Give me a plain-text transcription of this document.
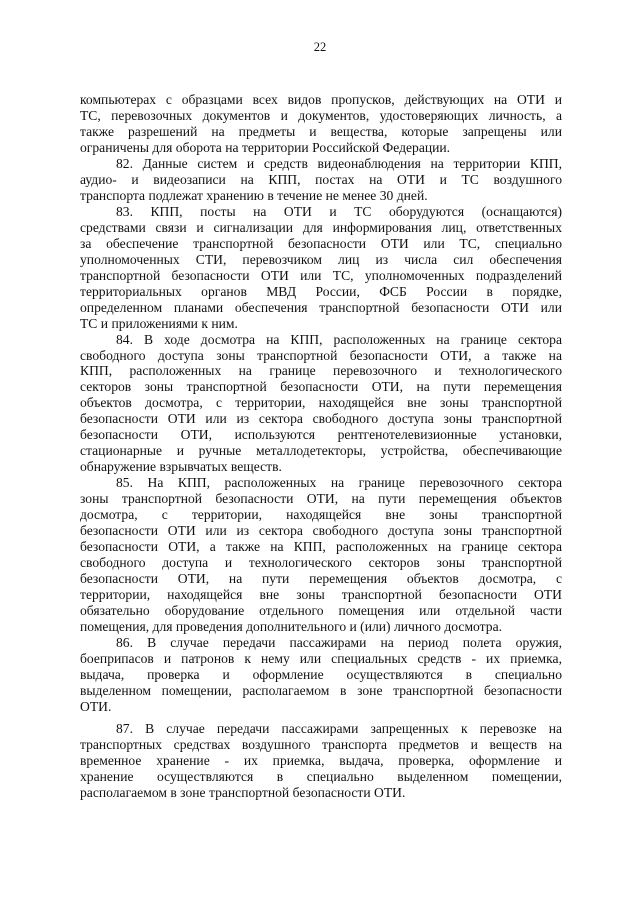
22
компьютерах с образцами всех видов пропусков, действующих на ОТИ и
ТС, перевозочных документов и документов, удостоверяющих личность, а
также разрешений на предметы и вещества, которые запрещены или
ограничены для оборота на территории Российской Федерации.
82. Данные систем и средств видеонаблюдения на территории КПП,
аудио- и видеозаписи на КПП, постах на ОТИ и ТС воздушного
транспорта подлежат хранению в течение не менее 30 дней.
83. КПП, посты на ОТИ и ТС оборудуются (оснащаются)
средствами связи и сигнализации для информирования лиц, ответственных
за обеспечение транспортной безопасности ОТИ или ТС, специально
уполномоченных СТИ, перевозчиком лиц из числа сил обеспечения
транспортной безопасности ОТИ или ТС, уполномоченных подразделений
территориальных органов МВД России, ФСБ России в порядке,
определенном планами обеспечения транспортной безопасности ОТИ или
ТС и приложениями к ним.
84. В ходе досмотра на КПП, расположенных на границе сектора
свободного доступа зоны транспортной безопасности ОТИ, а также на
КПП, расположенных на границе перевозочного и технологического
секторов зоны транспортной безопасности ОТИ, на пути перемещения
объектов досмотра, с территории, находящейся вне зоны транспортной
безопасности ОТИ или из сектора свободного доступа зоны транспортной
безопасности ОТИ, используются рентгенотелевизионные установки,
стационарные и ручные металлодетекторы, устройства, обеспечивающие
обнаружение взрывчатых веществ.
85. На КПП, расположенных на границе перевозочного сектора
зоны транспортной безопасности ОТИ, на пути перемещения объектов
досмотра, с территории, находящейся вне зоны транспортной
безопасности ОТИ или из сектора свободного доступа зоны транспортной
безопасности ОТИ, а также на КПП, расположенных на границе сектора
свободного доступа и технологического секторов зоны транспортной
безопасности ОТИ, на пути перемещения объектов досмотра, с
территории, находящейся вне зоны транспортной безопасности ОТИ
обязательно оборудование отдельного помещения или отдельной части
помещения, для проведения дополнительного и (или) личного досмотра.
86. В случае передачи пассажирами на период полета оружия,
боеприпасов и патронов к нему или специальных средств - их приемка,
выдача, проверка и оформление осуществляются в специально
выделенном помещении, располагаемом в зоне транспортной безопасности
ОТИ.
87. В случае передачи пассажирами запрещенных к перевозке на
транспортных средствах воздушного транспорта предметов и веществ на
временное хранение - их приемка, выдача, проверка, оформление и
хранение осуществляются в специально выделенном помещении,
располагаемом в зоне транспортной безопасности ОТИ.
